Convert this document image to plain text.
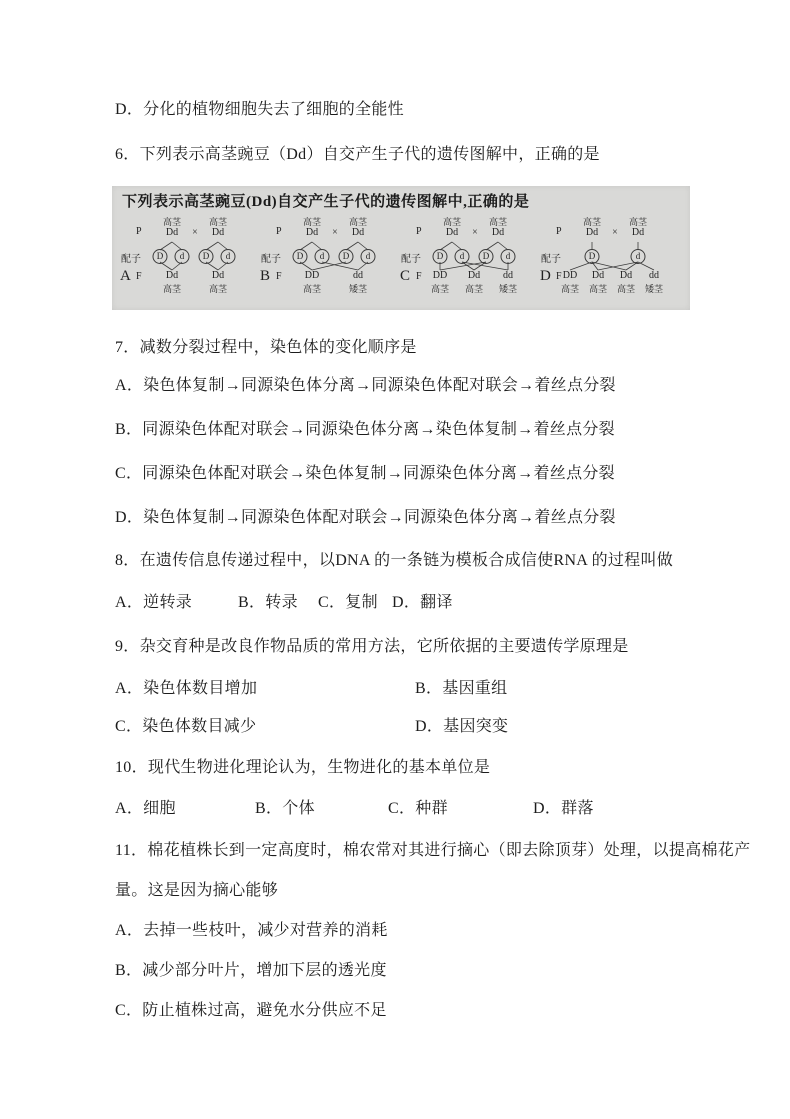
D．分化的植物细胞失去了细胞的全能性

6．下列表示高茎豌豆（Dd）自交产生子代的遗传图解中，正确的是

下列表示高茎豌豆(Dd)自交产生子代的遗传图解中,正确的是
A
P
高茎
Dd
高茎
Dd
×
配子	D	d	D	d
F Dd
高茎
Dd
高茎
B
P
高茎
Dd
高茎
Dd
×
配子	D	d	D	d
F DD
高茎
dd
矮茎
C
P
高茎
Dd
高茎
Dd
×
配子	D	d	D	d
F DD
高茎
Dd
高茎
dd
矮茎
D
P
高茎
Dd
高茎
Dd
×
配子	D	d
F DD
高茎
Dd
高茎
Dd
高茎
dd
矮茎

7．减数分裂过程中，染色体的变化顺序是

A．染色体复制→同源染色体分离→同源染色体配对联会→着丝点分裂

B．同源染色体配对联会→同源染色体分离→染色体复制→着丝点分裂

C．同源染色体配对联会→染色体复制→同源染色体分离→着丝点分裂

D．染色体复制→同源染色体配对联会→同源染色体分离→着丝点分裂

8．在遗传信息传递过程中，以DNA 的一条链为模板合成信使RNA 的过程叫做

A．逆转录	B．转录 C．复制 D．翻译

9．杂交育种是改良作物品质的常用方法，它所依据的主要遗传学原理是

A．染色体数目增加	B．基因重组
C．染色体数目减少	D．基因突变

10．现代生物进化理论认为，生物进化的基本单位是

A．细胞	B．个体	C．种群	D．群落

11．棉花植株长到一定高度时，棉农常对其进行摘心（即去除顶芽）处理，以提高棉花产

量。这是因为摘心能够

A．去掉一些枝叶，减少对营养的消耗

B．减少部分叶片，增加下层的透光度

C．防止植株过高，避免水分供应不足
